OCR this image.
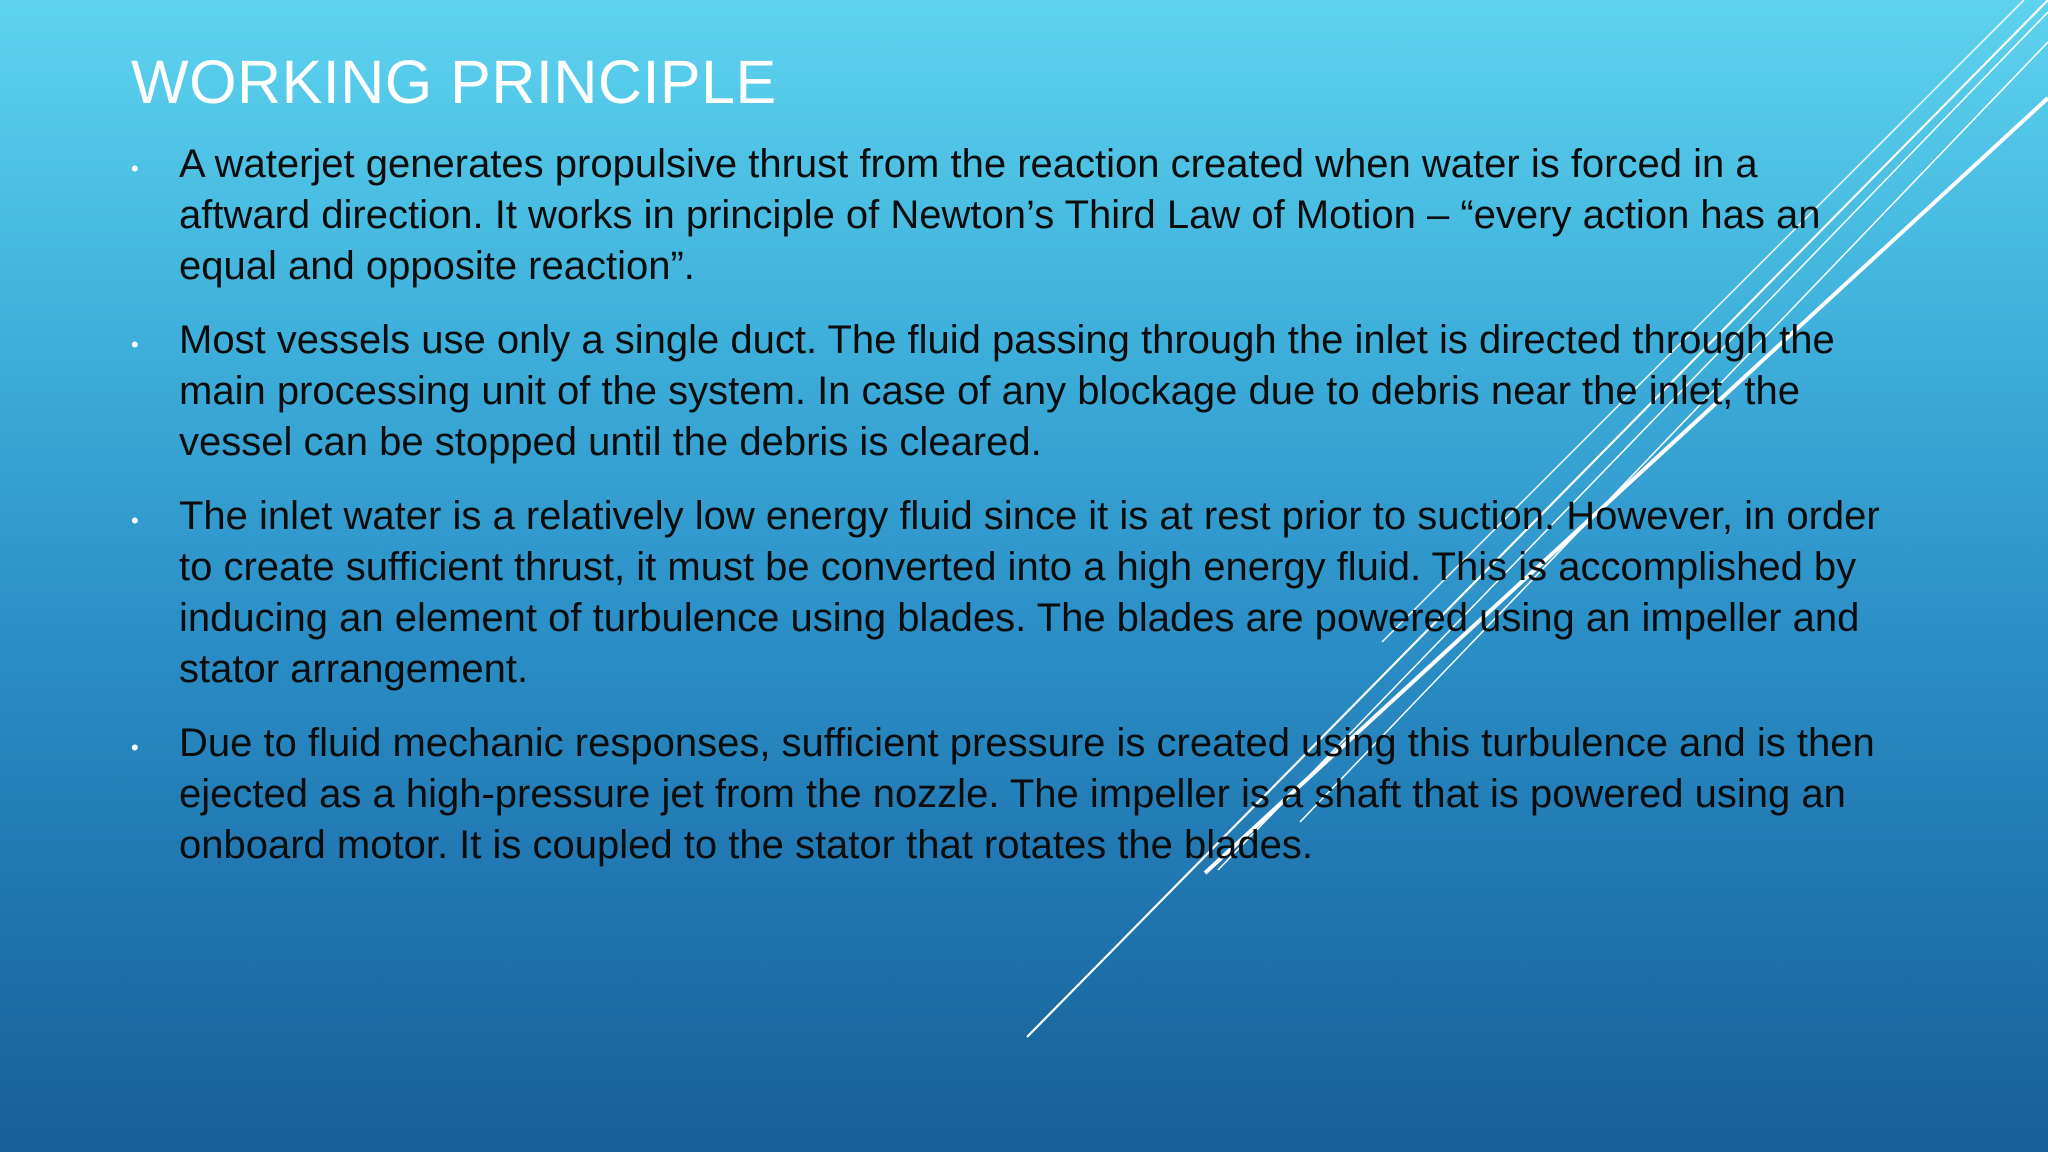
WORKING PRINCIPLE
• A waterjet generates propulsive thrust from the reaction created when water is forced in a aftward direction. It works in principle of Newton’s Third Law of Motion – “every action has an equal and opposite reaction”.
• Most vessels use only a single duct. The fluid passing through the inlet is directed through the main processing unit of the system. In case of any blockage due to debris near the inlet, the vessel can be stopped until the debris is cleared.
• The inlet water is a relatively low energy fluid since it is at rest prior to suction. However, in order to create sufficient thrust, it must be converted into a high energy fluid. This is accomplished by inducing an element of turbulence using blades. The blades are powered using an impeller and stator arrangement.
• Due to fluid mechanic responses, sufficient pressure is created using this turbulence and is then ejected as a high-pressure jet from the nozzle. The impeller is a shaft that is powered using an onboard motor. It is coupled to the stator that rotates the blades.
